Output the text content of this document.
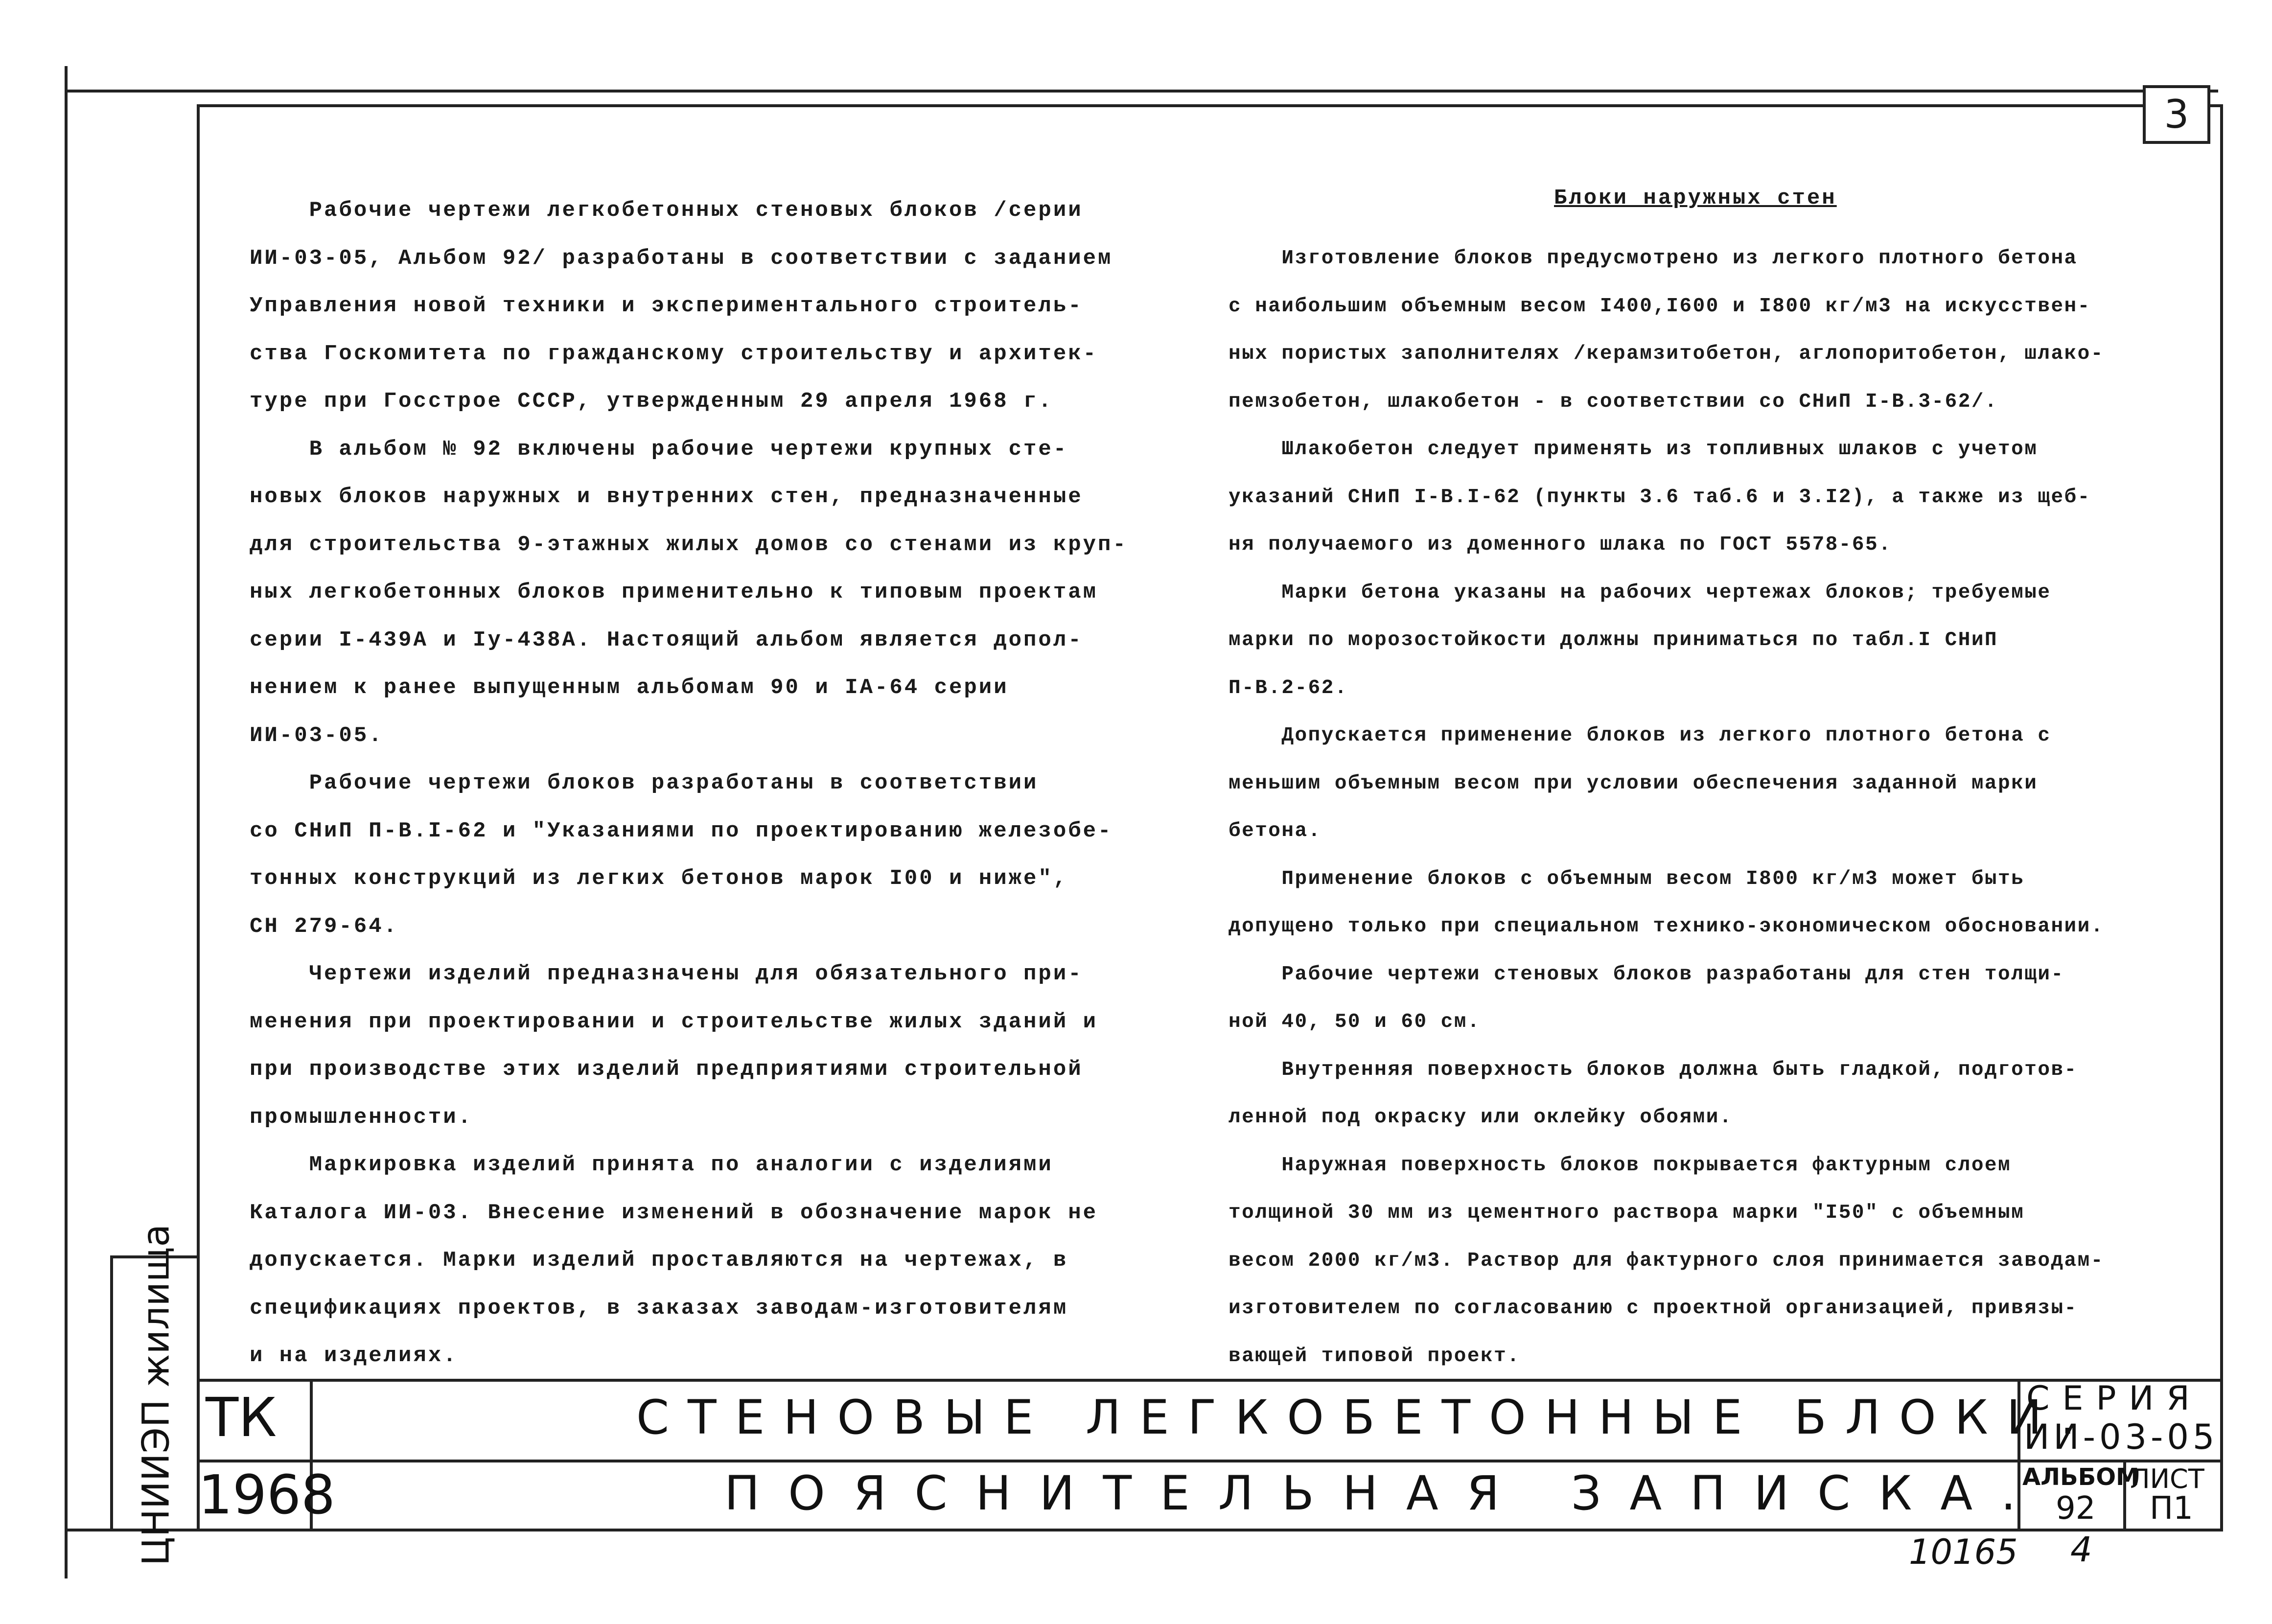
3
Рабочие чертежи легкобетонных стеновых блоков /серии
ИИ-03-05, Альбом 92/ разработаны в соответствии с заданием
Управления новой техники и экспериментального строитель-
ства Госкомитета по гражданскому строительству и архитек-
туре при Госстрое СССР, утвержденным 29 апреля 1968 г.
В альбом № 92 включены рабочие чертежи крупных сте-
новых блоков наружных и внутренних стен, предназначенные
для строительства 9-этажных жилых домов со стенами из круп-
ных легкобетонных блоков применительно к типовым проектам
серии I-439А и Iу-438А. Настоящий альбом является допол-
нением к ранее выпущенным альбомам 90 и IA-64 серии
ИИ-03-05.
Рабочие чертежи блоков разработаны в соответствии
со СНиП П-В.I-62 и "Указаниями по проектированию железобе-
тонных конструкций из легких бетонов марок I00 и ниже",
СН 279-64.
Чертежи изделий предназначены для обязательного при-
менения при проектировании и строительстве жилых зданий и
при производстве этих изделий предприятиями строительной
промышленности.
Маркировка изделий принята по аналогии с изделиями
Каталога ИИ-03. Внесение изменений в обозначение марок не
допускается. Марки изделий проставляются на чертежах, в
спецификациях проектов, в заказах заводам-изготовителям
и на изделиях.
Блоки наружных стен
Изготовление блоков предусмотрено из легкого плотного бетона
с наибольшим объемным весом I400,I600 и I800 кг/м3 на искусствен-
ных пористых заполнителях /керамзитобетон, аглопоритобетон, шлако-
пемзобетон, шлакобетон - в соответствии со СНиП I-В.3-62/.
Шлакобетон следует применять из топливных шлаков с учетом
указаний СНиП I-В.I-62 (пункты 3.6 таб.6 и 3.I2), а также из щеб-
ня получаемого из доменного шлака по ГОСТ 5578-65.
Марки бетона указаны на рабочих чертежах блоков; требуемые
марки по морозостойкости должны приниматься по табл.I СНиП
П-В.2-62.
Допускается применение блоков из легкого плотного бетона с
меньшим объемным весом при условии обеспечения заданной марки
бетона.
Применение блоков с объемным весом I800 кг/м3 может быть
допущено только при специальном технико-экономическом обосновании.
Рабочие чертежи стеновых блоков разработаны для стен толщи-
ной 40, 50 и 60 см.
Внутренняя поверхность блоков должна быть гладкой, подготов-
ленной под окраску или оклейку обоями.
Наружная поверхность блоков покрывается фактурным слоем
толщиной 30 мм из цементного раствора марки "I50" с объемным
весом 2000 кг/м3. Раствор для фактурного слоя принимается заводам-
изготовителем по согласованию с проектной организацией, привязы-
вающей типовой проект.
ЦНИИЭП жилища ТК
1968
СТЕНОВЫЕ ЛЕГКОБЕТОННЫЕ БЛОКИ.
ПОЯСНИТЕЛЬНАЯ ЗАПИСКА.
СЕРИЯ
ИИ-03-05
АЛЬБОМ
92
ЛИСТ
П1
10165 4
